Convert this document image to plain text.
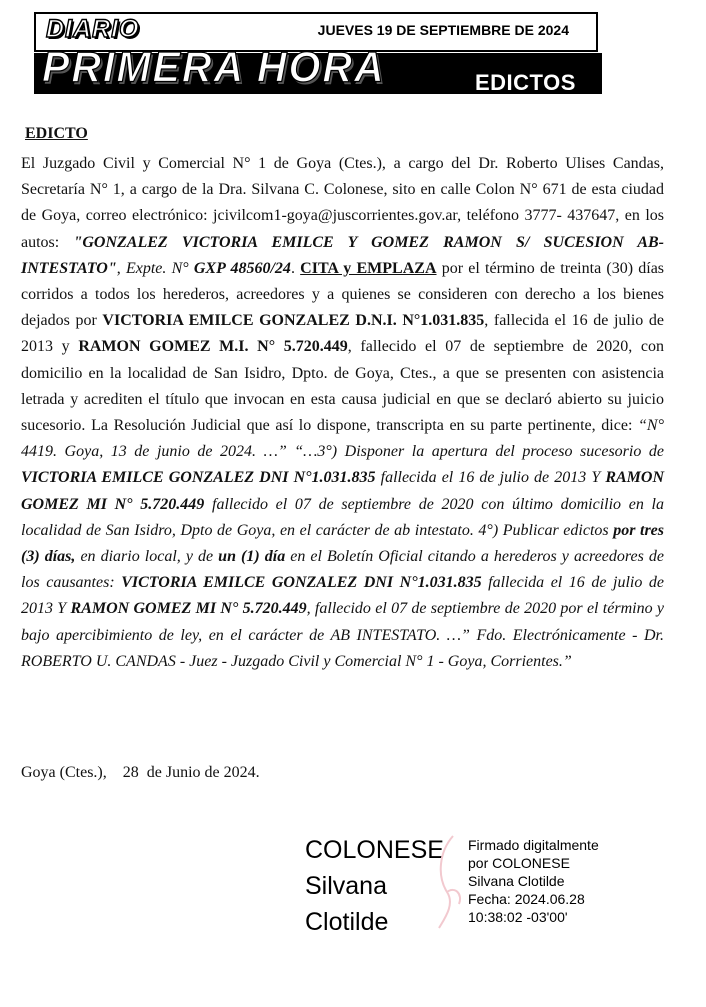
DIARIO	JUEVES 19 DE SEPTIEMBRE DE 2024
PRIMERA HORA	EDICTOS
EDICTO

El Juzgado Civil y Comercial N° 1 de Goya (Ctes.), a cargo del Dr. Roberto Ulises Candas, Secretaría N° 1, a cargo de la Dra. Silvana C. Colonese, sito en calle Colon N° 671 de esta ciudad de Goya, correo electrónico: jcivilcom1-goya@juscorrientes.gov.ar, teléfono 3777- 437647, en los autos: "GONZALEZ VICTORIA EMILCE Y GOMEZ RAMON S/ SUCESION AB-INTESTATO", Expte. N° GXP 48560/24. CITA y EMPLAZA por el término de treinta (30) días corridos a todos los herederos, acreedores y a quienes se consideren con derecho a los bienes dejados por VICTORIA EMILCE GONZALEZ D.N.I. N°1.031.835, fallecida el 16 de julio de 2013 y RAMON GOMEZ M.I. N° 5.720.449, fallecido el 07 de septiembre de 2020, con domicilio en la localidad de San Isidro, Dpto. de Goya, Ctes., a que se presenten con asistencia letrada y acrediten el título que invocan en esta causa judicial en que se declaró abierto su juicio sucesorio. La Resolución Judicial que así lo dispone, transcripta en su parte pertinente, dice: “N° 4419. Goya, 13 de junio de 2024. …” “…3°) Disponer la apertura del proceso sucesorio de VICTORIA EMILCE GONZALEZ DNI N°1.031.835 fallecida el 16 de julio de 2013 Y RAMON GOMEZ MI N° 5.720.449 fallecido el 07 de septiembre de 2020 con último domicilio en la localidad de San Isidro, Dpto de Goya, en el carácter de ab intestato. 4°) Publicar edictos por tres (3) días, en diario local, y de un (1) día en el Boletín Oficial citando a herederos y acreedores de los causantes: VICTORIA EMILCE GONZALEZ DNI N°1.031.835 fallecida el 16 de julio de 2013 Y RAMON GOMEZ MI N° 5.720.449, fallecido el 07 de septiembre de 2020 por el término y bajo apercibimiento de ley, en el carácter de AB INTESTATO. …” Fdo. Electrónicamente - Dr. ROBERTO U. CANDAS - Juez - Juzgado Civil y Comercial N° 1 - Goya, Corrientes.”

Goya (Ctes.),    28  de Junio de 2024.
COLONESE
Silvana
Clotilde
Firmado digitalmente
por COLONESE
Silvana Clotilde
Fecha: 2024.06.28
10:38:02 -03'00'
